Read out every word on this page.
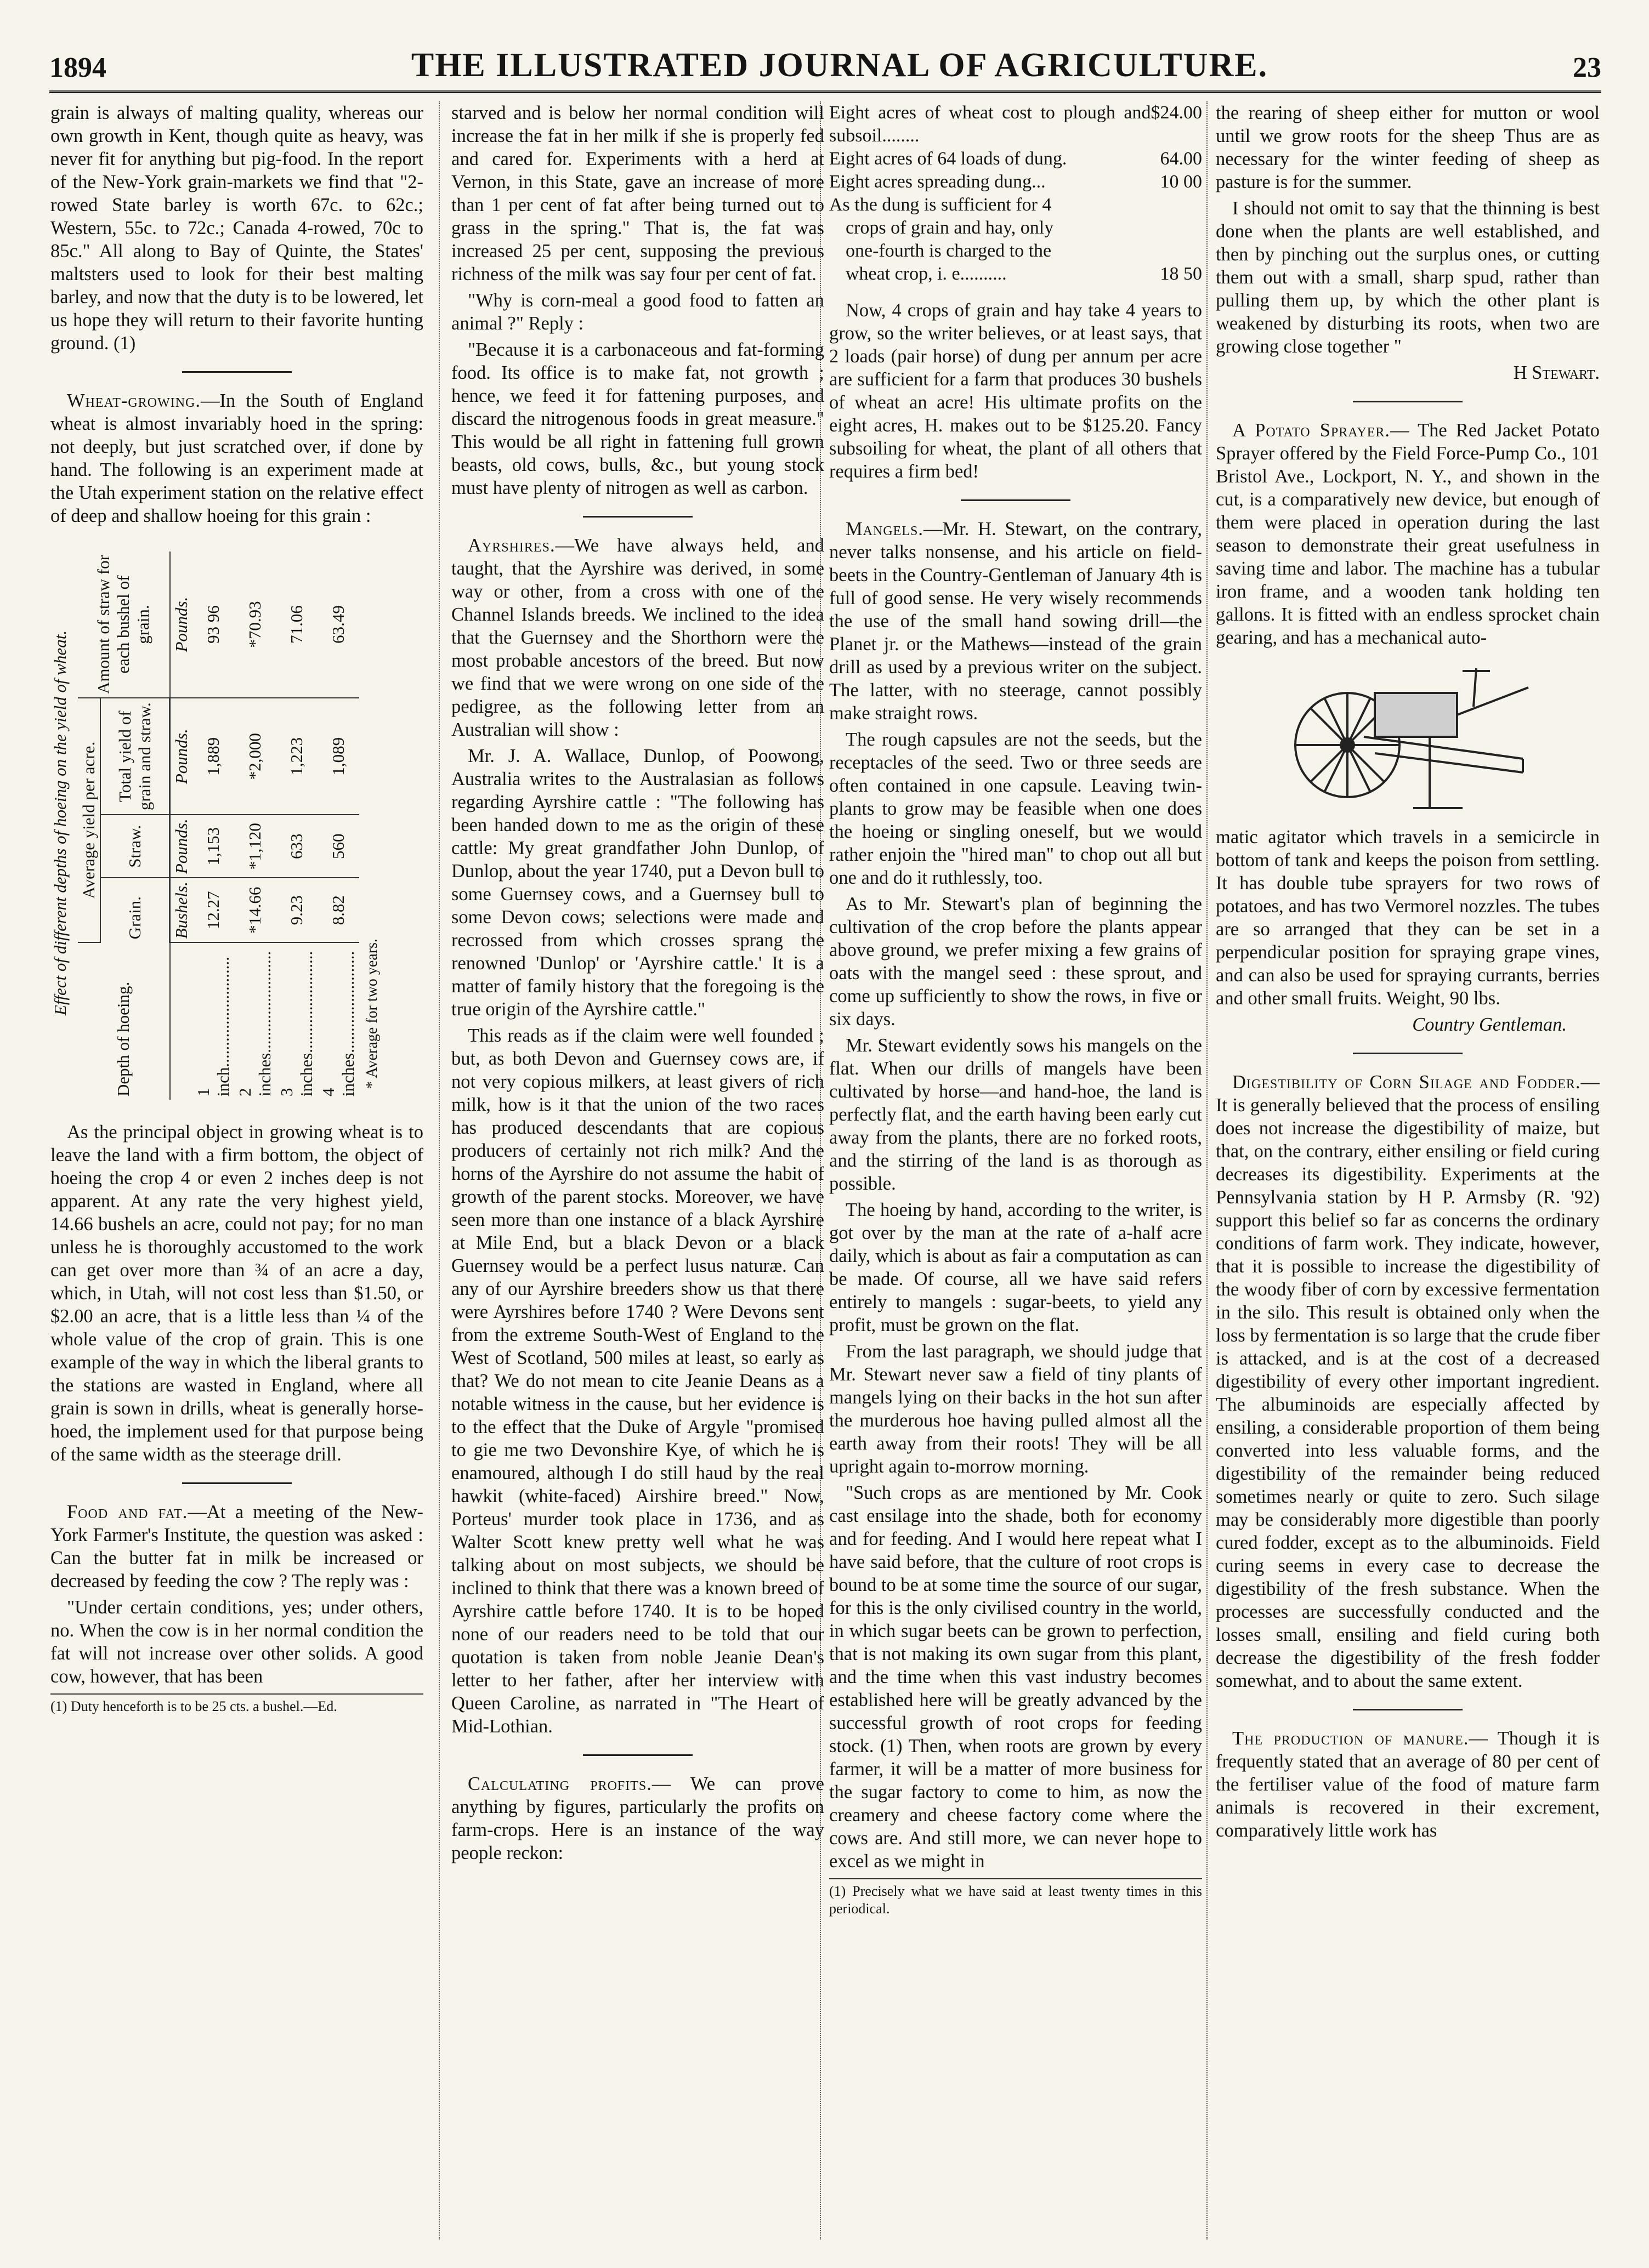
1894	THE ILLUSTRATED JOURNAL OF AGRICULTURE.	23

grain is always of malting quality, whereas our own growth in Kent, though quite as heavy, was never fit for anything but pig-food. In the report of the New-York grain-markets we find that "2-rowed State barley is worth 67c. to 62c.; Western, 55c. to 72c.; Canada 4-rowed, 70c to 85c." All along to Bay of Quinte, the States' maltsters used to look for their best malting barley, and now that the duty is to be lowered, let us hope they will return to their favorite hunting ground. (1)

Wheat-growing.—In the South of England wheat is almost invariably hoed in the spring: not deeply, but just scratched over, if done by hand. The following is an experiment made at the Utah experiment station on the relative effect of deep and shallow hoeing for this grain :

Effect of different depths of hoeing on the yield of wheat.
Depth of hoeing.	Average yield per acre.			Amount of straw for each bushel of grain.
	Grain.	Straw.	Total yield of grain and straw.	
	Bushels.	Pounds.	Pounds.	Pounds.
1 inch..........................	12.27	1,153	1,889	93 96
2 inches........................	*14.66	*1,120	*2,000	*70.93
3 inches........................	9.23	633	1,223	71.06
4 inches........................	8.82	560	1,089	63.49
* Average for two years.

As the principal object in growing wheat is to leave the land with a firm bottom, the object of hoeing the crop 4 or even 2 inches deep is not apparent. At any rate the very highest yield, 14.66 bushels an acre, could not pay; for no man unless he is thoroughly accustomed to the work can get over more than ¾ of an acre a day, which, in Utah, will not cost less than $1.50, or $2.00 an acre, that is a little less than ¼ of the whole value of the crop of grain. This is one example of the way in which the liberal grants to the stations are wasted in England, where all grain is sown in drills, wheat is generally horse-hoed, the implement used for that purpose being of the same width as the steerage drill.

Food and fat.—At a meeting of the New-York Farmer's Institute, the question was asked : Can the butter fat in milk be increased or decreased by feeding the cow ? The reply was :

"Under certain conditions, yes; under others, no. When the cow is in her normal condition the fat will not increase over other solids. A good cow, however, that has been

(1) Duty henceforth is to be 25 cts. a bushel.—Ed.

starved and is below her normal condition will increase the fat in her milk if she is properly fed and cared for. Experiments with a herd at Vernon, in this State, gave an increase of more than 1 per cent of fat after being turned out to grass in the spring." That is, the fat was increased 25 per cent, supposing the previous richness of the milk was say four per cent of fat.

"Why is corn-meal a good food to fatten an animal ?" Reply :

"Because it is a carbonaceous and fat-forming food. Its office is to make fat, not growth ; hence, we feed it for fattening purposes, and discard the nitrogenous foods in great measure." This would be all right in fattening full grown beasts, old cows, bulls, &c., but young stock must have plenty of nitrogen as well as carbon.

Ayrshires.—We have always held, and taught, that the Ayrshire was derived, in some way or other, from a cross with one of the Channel Islands breeds. We inclined to the idea that the Guernsey and the Shorthorn were the most probable ancestors of the breed. But now we find that we were wrong on one side of the pedigree, as the following letter from an Australian will show :

Mr. J. A. Wallace, Dunlop, of Poowong, Australia writes to the Australasian as follows regarding Ayrshire cattle : "The following has been handed down to me as the origin of these cattle: My great grandfather John Dunlop, of Dunlop, about the year 1740, put a Devon bull to some Guernsey cows, and a Guernsey bull to some Devon cows; selections were made and recrossed from which crosses sprang the renowned 'Dunlop' or 'Ayrshire cattle.' It is a matter of family history that the foregoing is the true origin of the Ayrshire cattle."

This reads as if the claim were well founded ; but, as both Devon and Guernsey cows are, if not very copious milkers, at least givers of rich milk, how is it that the union of the two races has produced descendants that are copious producers of certainly not rich milk? And the horns of the Ayrshire do not assume the habit of growth of the parent stocks. Moreover, we have seen more than one instance of a black Ayrshire at Mile End, but a black Devon or a black Guernsey would be a perfect lusus naturæ. Can any of our Ayrshire breeders show us that there were Ayrshires before 1740 ? Were Devons sent from the extreme South-West of England to the West of Scotland, 500 miles at least, so early as that? We do not mean to cite Jeanie Deans as a notable witness in the cause, but her evidence is to the effect that the Duke of Argyle "promised to gie me two Devonshire Kye, of which he is enamoured, although I do still haud by the real hawkit (white-faced) Airshire breed." Now, Porteus' murder took place in 1736, and as Walter Scott knew pretty well what he was talking about on most subjects, we should be inclined to think that there was a known breed of Ayrshire cattle before 1740. It is to be hoped none of our readers need to be told that our quotation is taken from noble Jeanie Dean's letter to her father, after her interview with Queen Caroline, as narrated in "The Heart of Mid-Lothian.

Calculating profits.— We can prove anything by figures, particularly the profits on farm-crops. Here is an instance of the way people reckon:

Eight acres of wheat cost to plough and subsoil........	$24.00
Eight acres of 64 loads of dung.	64.00
Eight acres spreading dung...	10 00
As the dung is sufficient for 4	
crops of grain and hay, only	
one-fourth is charged to the	
wheat crop, i. e..........	18 50

Now, 4 crops of grain and hay take 4 years to grow, so the writer believes, or at least says, that 2 loads (pair horse) of dung per annum per acre are sufficient for a farm that produces 30 bushels of wheat an acre! His ultimate profits on the eight acres, H. makes out to be $125.20. Fancy subsoiling for wheat, the plant of all others that requires a firm bed!

Mangels.—Mr. H. Stewart, on the contrary, never talks nonsense, and his article on field-beets in the Country-Gentleman of January 4th is full of good sense. He very wisely recommends the use of the small hand sowing drill—the Planet jr. or the Mathews—instead of the grain drill as used by a previous writer on the subject. The latter, with no steerage, cannot possibly make straight rows.

The rough capsules are not the seeds, but the receptacles of the seed. Two or three seeds are often contained in one capsule. Leaving twin-plants to grow may be feasible when one does the hoeing or singling oneself, but we would rather enjoin the "hired man" to chop out all but one and do it ruthlessly, too.

As to Mr. Stewart's plan of beginning the cultivation of the crop before the plants appear above ground, we prefer mixing a few grains of oats with the mangel seed : these sprout, and come up sufficiently to show the rows, in five or six days.

Mr. Stewart evidently sows his mangels on the flat. When our drills of mangels have been cultivated by horse—and hand-hoe, the land is perfectly flat, and the earth having been early cut away from the plants, there are no forked roots, and the stirring of the land is as thorough as possible.

The hoeing by hand, according to the writer, is got over by the man at the rate of a-half acre daily, which is about as fair a computation as can be made. Of course, all we have said refers entirely to mangels : sugar-beets, to yield any profit, must be grown on the flat.

From the last paragraph, we should judge that Mr. Stewart never saw a field of tiny plants of mangels lying on their backs in the hot sun after the murderous hoe having pulled almost all the earth away from their roots! They will be all upright again to-morrow morning.

"Such crops as are mentioned by Mr. Cook cast ensilage into the shade, both for economy and for feeding. And I would here repeat what I have said before, that the culture of root crops is bound to be at some time the source of our sugar, for this is the only civilised country in the world, in which sugar beets can be grown to perfection, that is not making its own sugar from this plant, and the time when this vast industry becomes established here will be greatly advanced by the successful growth of root crops for feeding stock. (1) Then, when roots are grown by every farmer, it will be a matter of more business for the sugar factory to come to him, as now the creamery and cheese factory come where the cows are. And still more, we can never hope to excel as we might in

(1) Precisely what we have said at least twenty times in this periodical.

the rearing of sheep either for mutton or wool until we grow roots for the sheep Thus are as necessary for the winter feeding of sheep as pasture is for the summer.

I should not omit to say that the thinning is best done when the plants are well established, and then by pinching out the surplus ones, or cutting them out with a small, sharp spud, rather than pulling them up, by which the other plant is weakened by disturbing its roots, when two are growing close together "

H Stewart.

A Potato Sprayer.— The Red Jacket Potato Sprayer offered by the Field Force-Pump Co., 101 Bristol Ave., Lockport, N. Y., and shown in the cut, is a comparatively new device, but enough of them were placed in operation during the last season to demonstrate their great usefulness in saving time and labor. The machine has a tubular iron frame, and a wooden tank holding ten gallons. It is fitted with an endless sprocket chain gearing, and has a mechanical auto-

matic agitator which travels in a semicircle in bottom of tank and keeps the poison from settling. It has double tube sprayers for two rows of potatoes, and has two Vermorel nozzles. The tubes are so arranged that they can be set in a perpendicular position for spraying grape vines, and can also be used for spraying currants, berries and other small fruits. Weight, 90 lbs.

Country Gentleman.

Digestibility of Corn Silage and Fodder.—It is generally believed that the process of ensiling does not increase the digestibility of maize, but that, on the contrary, either ensiling or field curing decreases its digestibility. Experiments at the Pennsylvania station by H P. Armsby (R. '92) support this belief so far as concerns the ordinary conditions of farm work. They indicate, however, that it is possible to increase the digestibility of the woody fiber of corn by excessive fermentation in the silo. This result is obtained only when the loss by fermentation is so large that the crude fiber is attacked, and is at the cost of a decreased digestibility of every other important ingredient. The albuminoids are especially affected by ensiling, a considerable proportion of them being converted into less valuable forms, and the digestibility of the remainder being reduced sometimes nearly or quite to zero. Such silage may be considerably more digestible than poorly cured fodder, except as to the albuminoids. Field curing seems in every case to decrease the digestibility of the fresh substance. When the processes are successfully conducted and the losses small, ensiling and field curing both decrease the digestibility of the fresh fodder somewhat, and to about the same extent.

The production of manure.— Though it is frequently stated that an average of 80 per cent of the fertiliser value of the food of mature farm animals is recovered in their excrement, comparatively little work has
